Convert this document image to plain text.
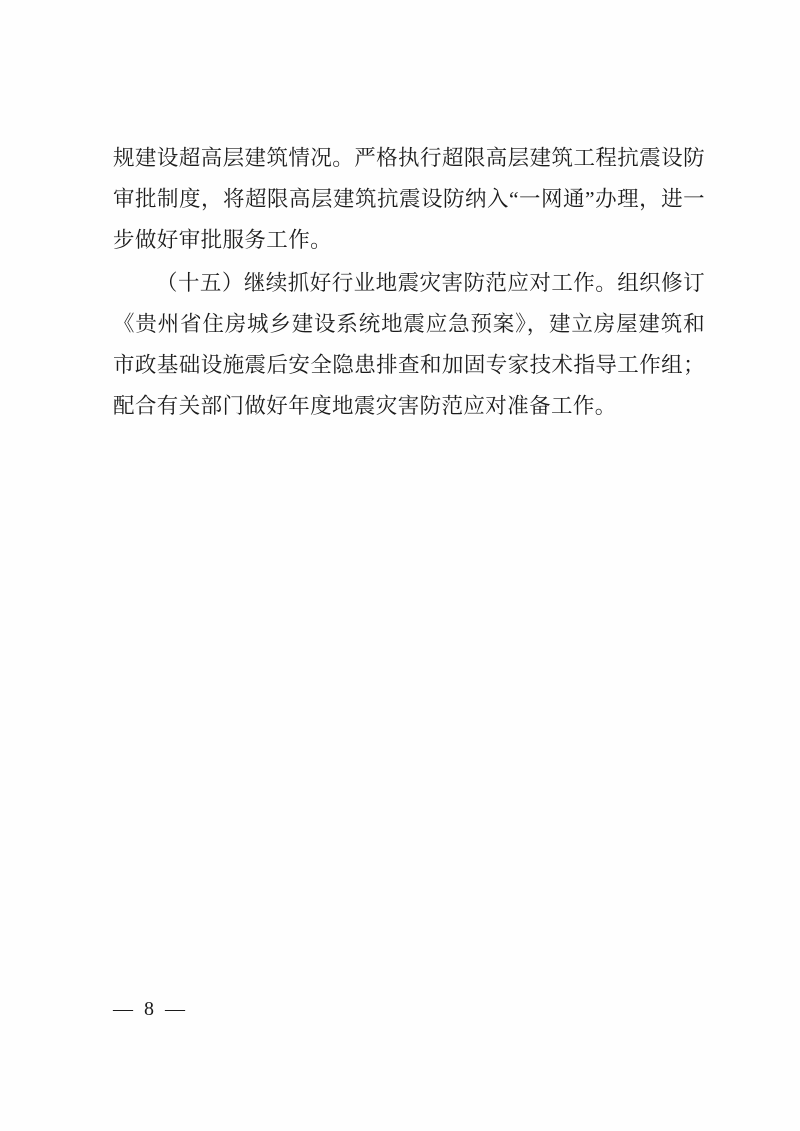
规建设超高层建筑情况。严格执行超限高层建筑工程抗震设防审批制度，将超限高层建筑抗震设防纳入“一网通”办理，进一步做好审批服务工作。

（十五）继续抓好行业地震灾害防范应对工作。组织修订《贵州省住房城乡建设系统地震应急预案》，建立房屋建筑和市政基础设施震后安全隐患排查和加固专家技术指导工作组；配合有关部门做好年度地震灾害防范应对准备工作。

— 8 —
